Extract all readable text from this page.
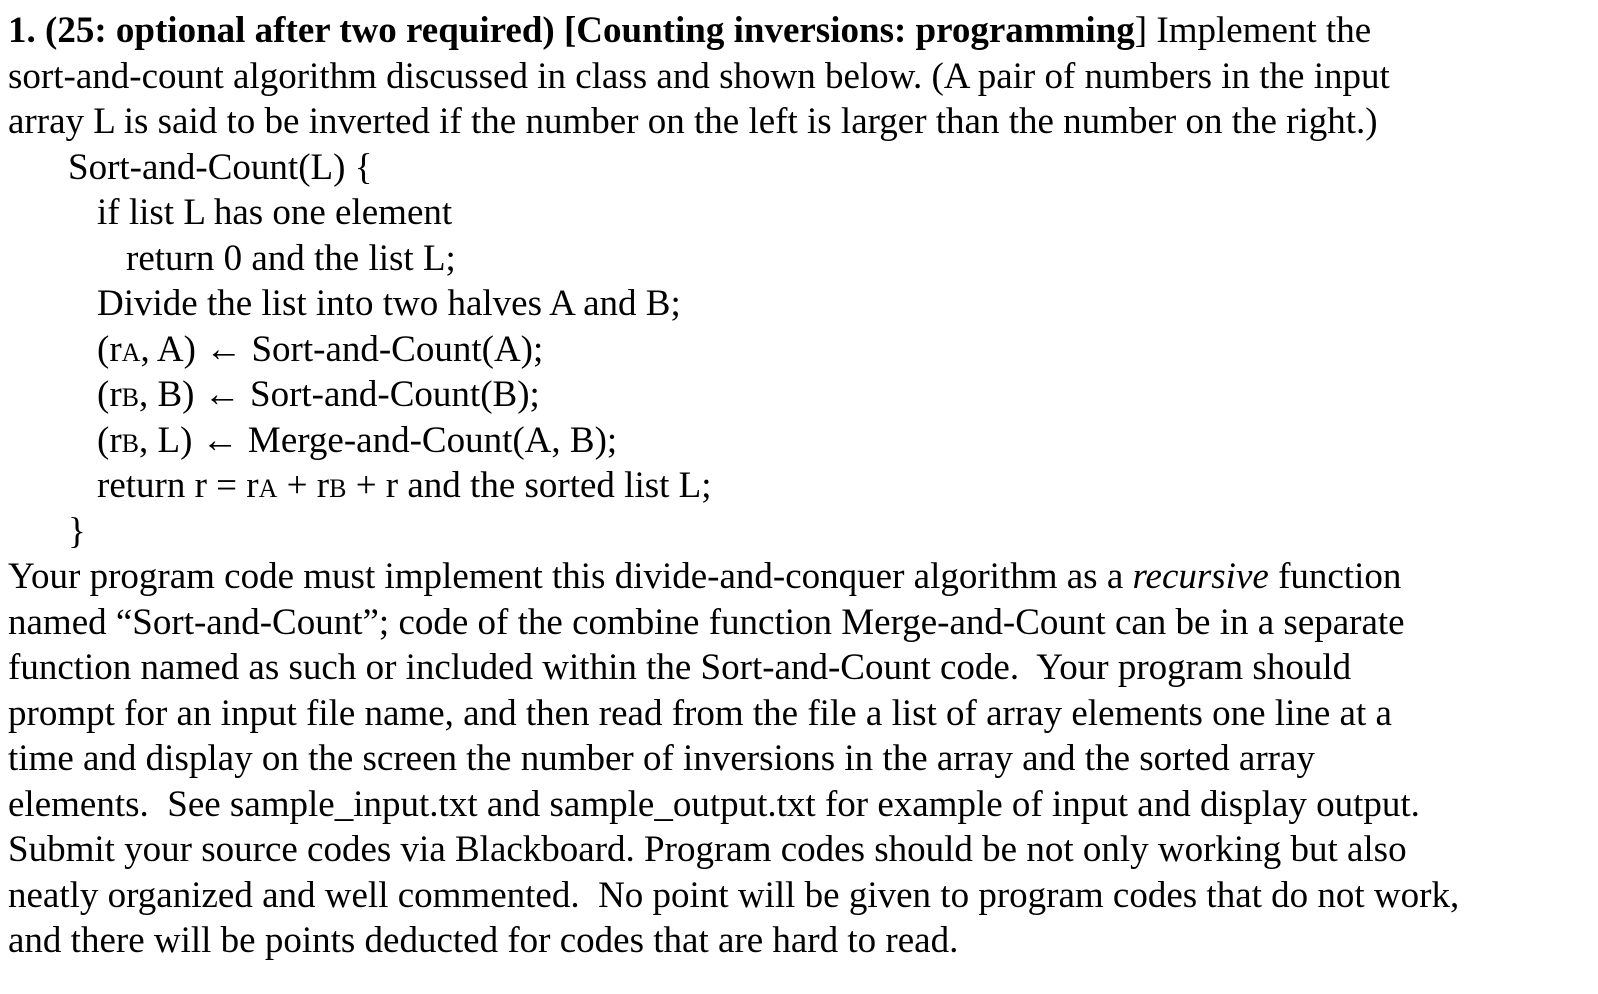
1. (25: optional after two required) [Counting inversions: programming] Implement the
sort-and-count algorithm discussed in class and shown below. (A pair of numbers in the input
array L is said to be inverted if the number on the left is larger than the number on the right.)
Sort-and-Count(L) {
if list L has one element
return 0 and the list L;
Divide the list into two halves A and B;
(rA, A) ← Sort-and-Count(A);
(rB, B) ← Sort-and-Count(B);
(rB, L) ← Merge-and-Count(A, B);
return r = rA + rB + r and the sorted list L;
}
Your program code must implement this divide-and-conquer algorithm as a recursive function
named “Sort-and-Count”; code of the combine function Merge-and-Count can be in a separate
function named as such or included within the Sort-and-Count code.  Your program should
prompt for an input file name, and then read from the file a list of array elements one line at a
time and display on the screen the number of inversions in the array and the sorted array
elements.  See sample_input.txt and sample_output.txt for example of input and display output.
Submit your source codes via Blackboard. Program codes should be not only working but also
neatly organized and well commented.  No point will be given to program codes that do not work,
and there will be points deducted for codes that are hard to read.
